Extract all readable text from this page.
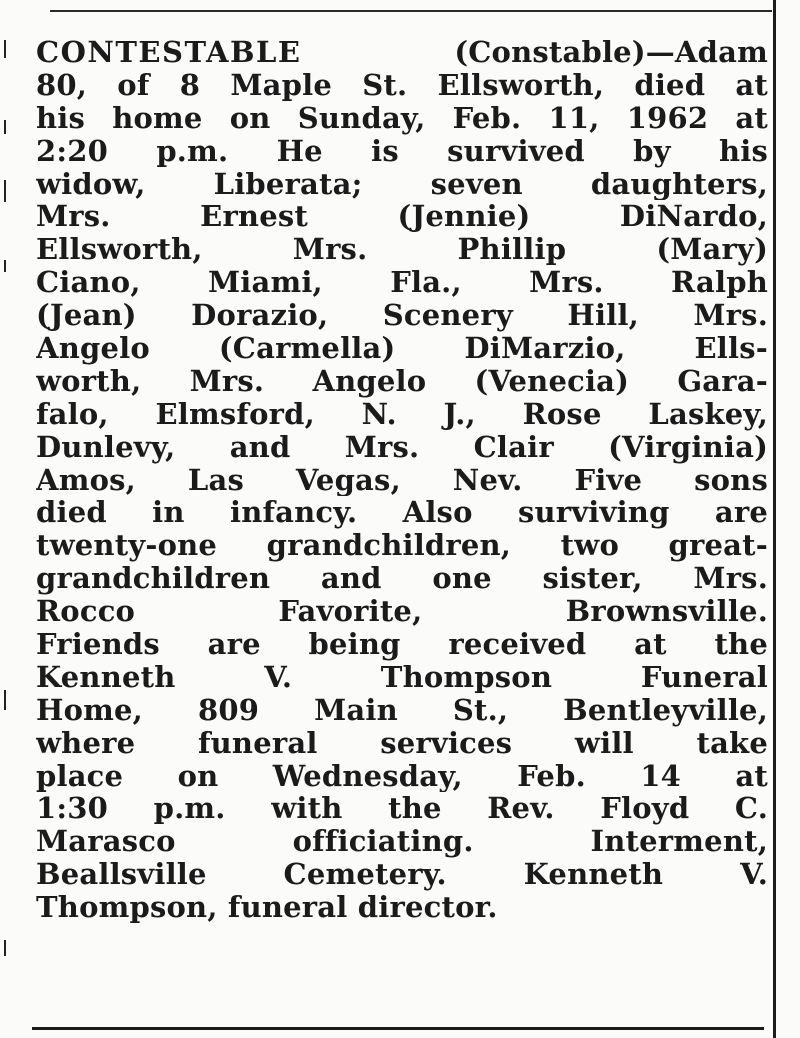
CONTESTABLE	(Constable)—Adam
80, of 8 Maple St. Ellsworth, died at
his home on Sunday, Feb. 11, 1962 at
2:20 p.m. He is survived by his
widow, Liberata; seven daughters,
Mrs. Ernest (Jennie) DiNardo,
Ellsworth, Mrs. Phillip (Mary)
Ciano, Miami, Fla., Mrs. Ralph
(Jean) Dorazio, Scenery Hill, Mrs.
Angelo (Carmella) DiMarzio, Ells-
worth, Mrs. Angelo (Venecia) Gara-
falo, Elmsford, N. J., Rose Laskey,
Dunlevy, and Mrs. Clair (Virginia)
Amos, Las Vegas, Nev. Five sons
died in infancy. Also surviving are
twenty-one grandchildren, two great-
grandchildren and one sister, Mrs.
Rocco Favorite, Brownsville.
Friends are being received at the
Kenneth V. Thompson Funeral
Home, 809 Main St., Bentleyville,
where funeral services will take
place on Wednesday, Feb. 14 at
1:30 p.m. with the Rev. Floyd C.
Marasco officiating. Interment,
Beallsville Cemetery. Kenneth V.
Thompson, funeral director.
